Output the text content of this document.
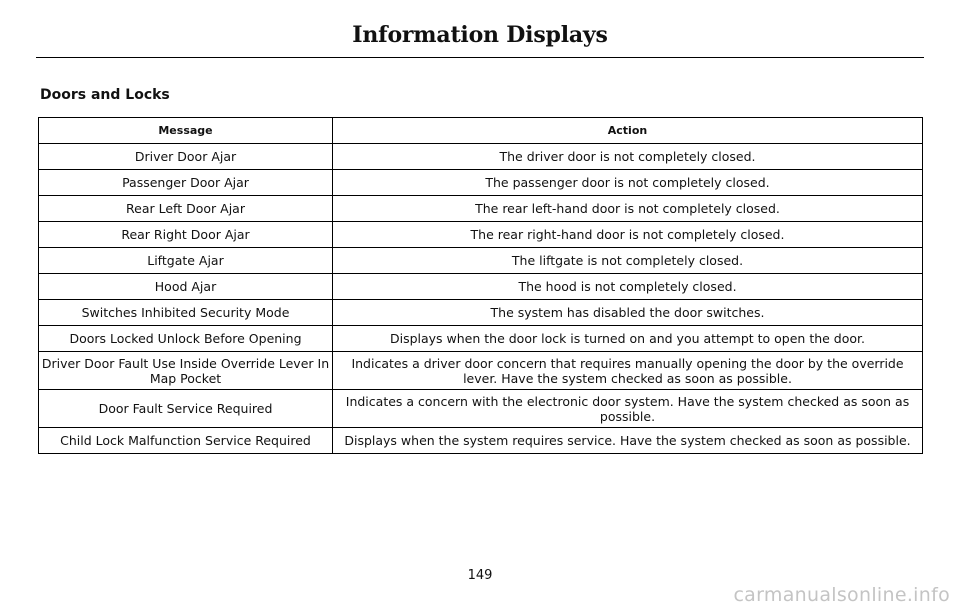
Information Displays
Doors and Locks
Message	Action
Driver Door Ajar	The driver door is not completely closed.
Passenger Door Ajar	The passenger door is not completely closed.
Rear Left Door Ajar	The rear left-hand door is not completely closed.
Rear Right Door Ajar	The rear right-hand door is not completely closed.
Liftgate Ajar	The liftgate is not completely closed.
Hood Ajar	The hood is not completely closed.
Switches Inhibited Security Mode	The system has disabled the door switches.
Doors Locked Unlock Before Opening	Displays when the door lock is turned on and you attempt to open the door.
Driver Door Fault Use Inside Override Lever In Map Pocket	Indicates a driver door concern that requires manually opening the door by the override lever. Have the system checked as soon as possible.
Door Fault Service Required	Indicates a concern with the electronic door system. Have the system checked as soon as possible.
Child Lock Malfunction Service Required	Displays when the system requires service. Have the system checked as soon as possible.
149
carmanualsonline.info
